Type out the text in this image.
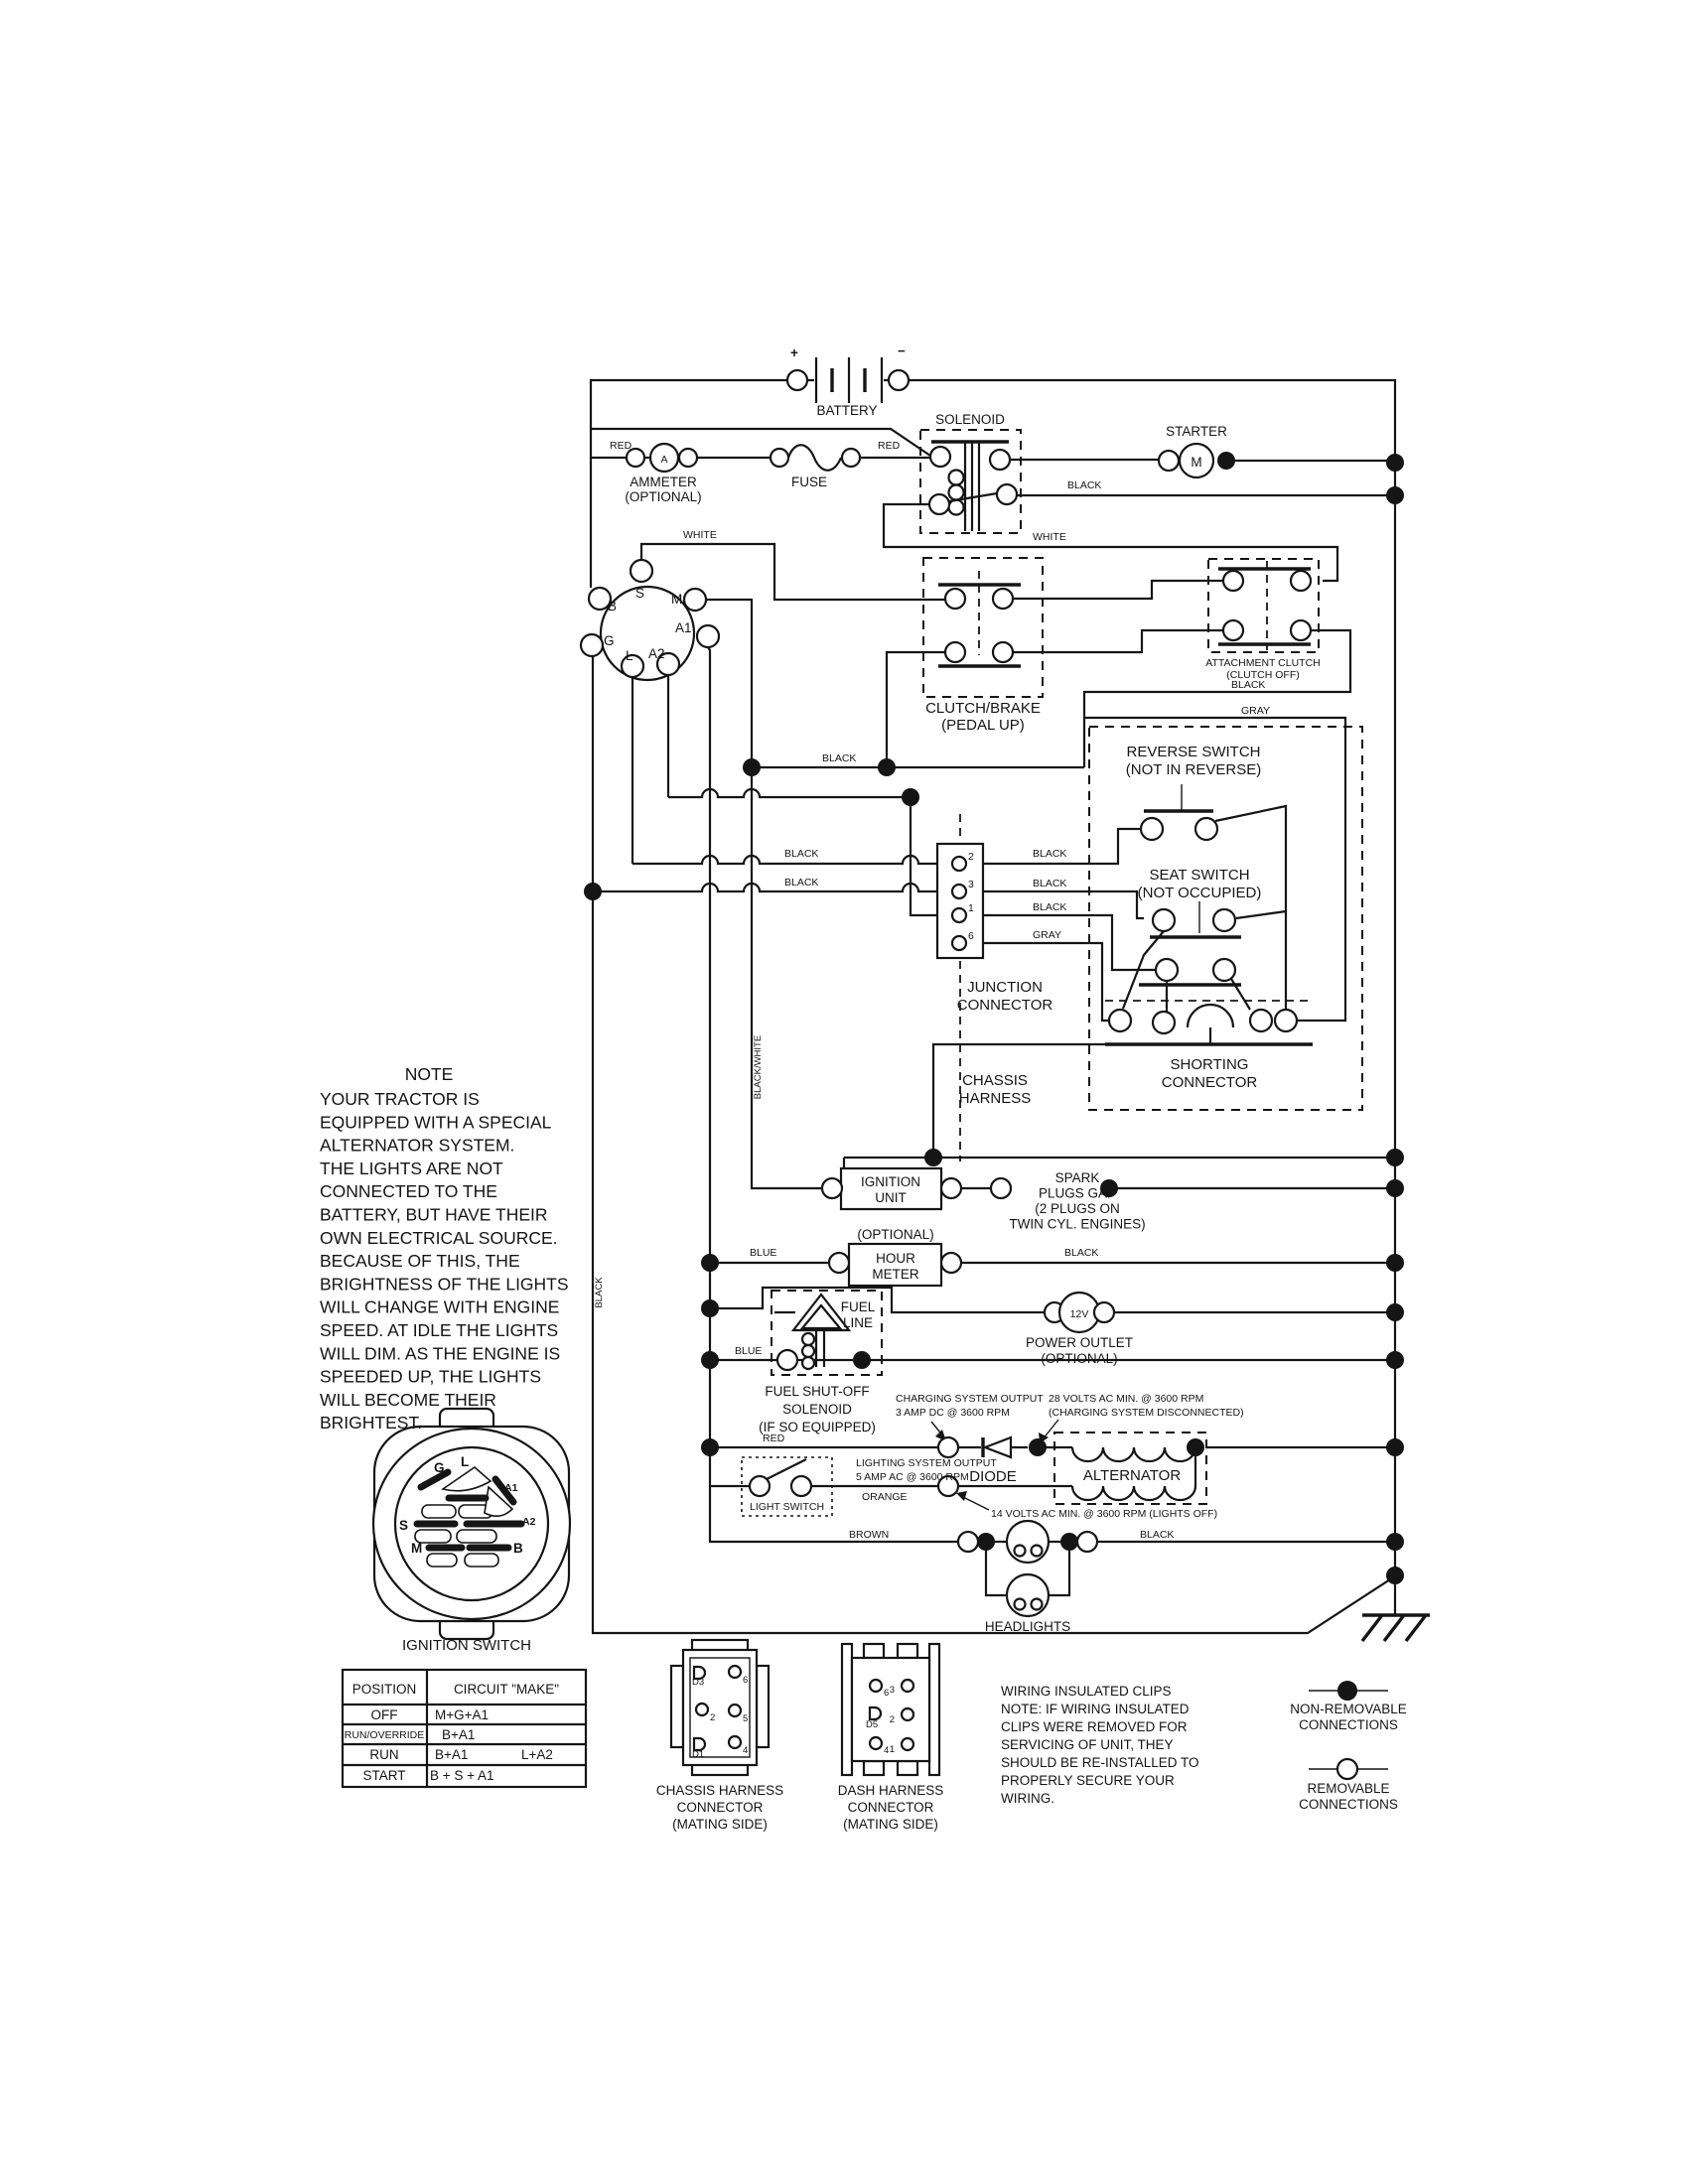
+	−
BATTERY
A
AMMETER (OPTIONAL)
FUSE
SOLENOID
STARTER
M
RED	RED
BLACK
WHITE	WHITE
BLACK
GRAY
BLACK
BLACK
BLACK
BLACK
BLACK
BLACK
GRAY
BLUE	BLACK
BLUE
RED
BROWN
ORANGE
BLACK
BLACK/WHITE
BLACK
CLUTCH/BRAKE (PEDAL UP)
ATTACHMENT CLUTCH (CLUTCH OFF)
REVERSE SWITCH (NOT IN REVERSE)
SEAT SWITCH (NOT OCCUPIED)
SHORTING CONNECTOR
JUNCTION CONNECTOR
CHASSIS HARNESS
2
3
1
6
S
B	M
A1
A2
L
G
IGNITION UNIT
SPARK PLUGS GAP (2 PLUGS ON TWIN CYL. ENGINES)
(OPTIONAL)
HOUR METER
FUEL LINE
FUEL SHUT-OFF SOLENOID (IF SO EQUIPPED)
12V
POWER OUTLET (OPTIONAL)
CHARGING SYSTEM OUTPUT 3 AMP DC @ 3600 RPM
28 VOLTS AC MIN. @ 3600 RPM (CHARGING SYSTEM DISCONNECTED)
LIGHTING SYSTEM OUTPUT 5 AMP AC @ 3600 RPM
14 VOLTS AC MIN. @ 3600 RPM (LIGHTS OFF)
DIODE	ALTERNATOR
LIGHT SWITCH
HEADLIGHTS
NOTE
YOUR TRACTOR IS EQUIPPED WITH A SPECIAL ALTERNATOR SYSTEM. THE LIGHTS ARE NOT CONNECTED TO THE BATTERY, BUT HAVE THEIR OWN ELECTRICAL SOURCE. BECAUSE OF THIS, THE BRIGHTNESS OF THE LIGHTS WILL CHANGE WITH ENGINE SPEED. AT IDLE THE LIGHTS WILL DIM. AS THE ENGINE IS SPEEDED UP, THE LIGHTS WILL BECOME THEIR BRIGHTEST.
G L
A1
A2
S
M	B
IGNITION SWITCH
POSITION	CIRCUIT "MAKE"
OFF	M+G+A1
RUN/OVERRIDE B+A1
RUN	B+A1	L+A2
START B + S + A1
D3	6
2	5
D1	4
6 3
D5 2
4 1
CHASSIS HARNESS CONNECTOR (MATING SIDE)
DASH HARNESS CONNECTOR (MATING SIDE)
WIRING INSULATED CLIPS NOTE: IF WIRING INSULATED CLIPS WERE REMOVED FOR SERVICING OF UNIT, THEY SHOULD BE RE-INSTALLED TO PROPERLY SECURE YOUR WIRING.
NON-REMOVABLE CONNECTIONS
REMOVABLE CONNECTIONS
